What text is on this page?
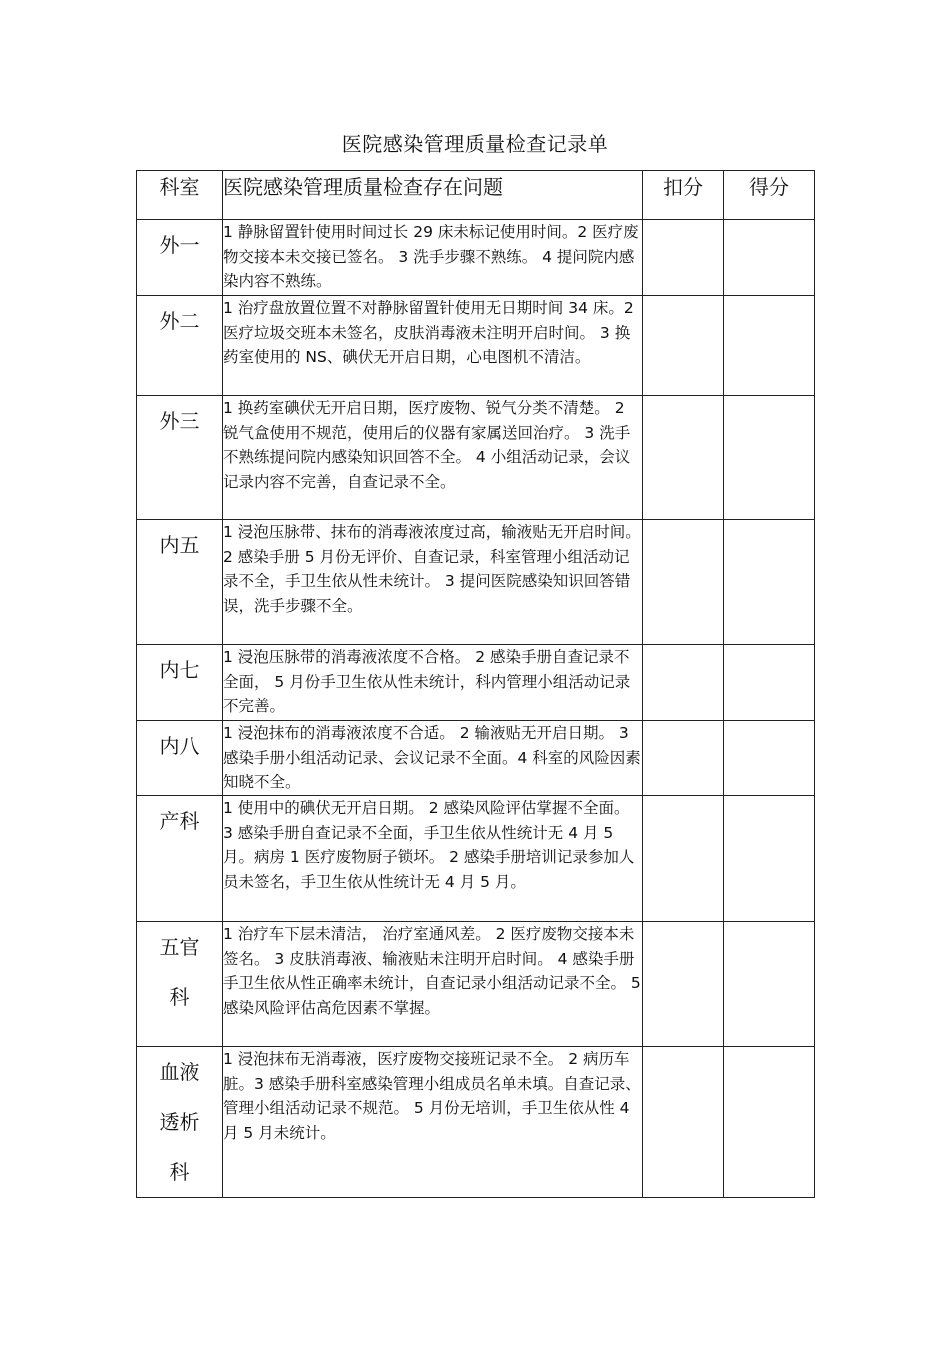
医院感染管理质量检查记录单
科室	医院感染管理质量检查存在问题	扣分	得分
外一	1 静脉留置针使用时间过长 29 床未标记使用时间。2 医疗废物交接本未交接已签名。 3 洗手步骤不熟练。 4 提问院内感染内容不熟练。		
外二	1 治疗盘放置位置不对静脉留置针使用无日期时间 34 床。2 医疗垃圾交班本未签名，皮肤消毒液未注明开启时间。 3 换药室使用的 NS、碘伏无开启日期，心电图机不清洁。		
外三	1 换药室碘伏无开启日期，医疗废物、锐气分类不清楚。 2 锐气盒使用不规范，使用后的仪器有家属送回治疗。 3 洗手不熟练提问院内感染知识回答不全。 4 小组活动记录，会议记录内容不完善，自查记录不全。		
内五	1 浸泡压脉带、抹布的消毒液浓度过高，输液贴无开启时间。 2 感染手册 5 月份无评价、自查记录，科室管理小组活动记录不全，手卫生依从性未统计。 3 提问医院感染知识回答错误，洗手步骤不全。		
内七	1 浸泡压脉带的消毒液浓度不合格。 2 感染手册自查记录不全面， 5 月份手卫生依从性未统计，科内管理小组活动记录不完善。		
内八	1 浸泡抹布的消毒液浓度不合适。 2 输液贴无开启日期。 3 感染手册小组活动记录、会议记录不全面。4 科室的风险因素知晓不全。		
产科	1 使用中的碘伏无开启日期。 2 感染风险评估掌握不全面。 3 感染手册自查记录不全面，手卫生依从性统计无 4 月 5 月。病房 1 医疗废物厨子锁坏。 2 感染手册培训记录参加人员未签名，手卫生依从性统计无 4 月 5 月。		

五官
科	1 治疗车下层未清洁， 治疗室通风差。 2 医疗废物交接本未签名。 3 皮肤消毒液、输液贴未注明开启时间。 4 感染手册手卫生依从性正确率未统计，自查记录小组活动记录不全。 5 感染风险评估高危因素不掌握。		

血液
透析
科	1 浸泡抹布无消毒液，医疗废物交接班记录不全。 2 病历车脏。3 感染手册科室感染管理小组成员名单未填。自查记录、管理小组活动记录不规范。 5 月份无培训，手卫生依从性 4 月 5 月未统计。		
